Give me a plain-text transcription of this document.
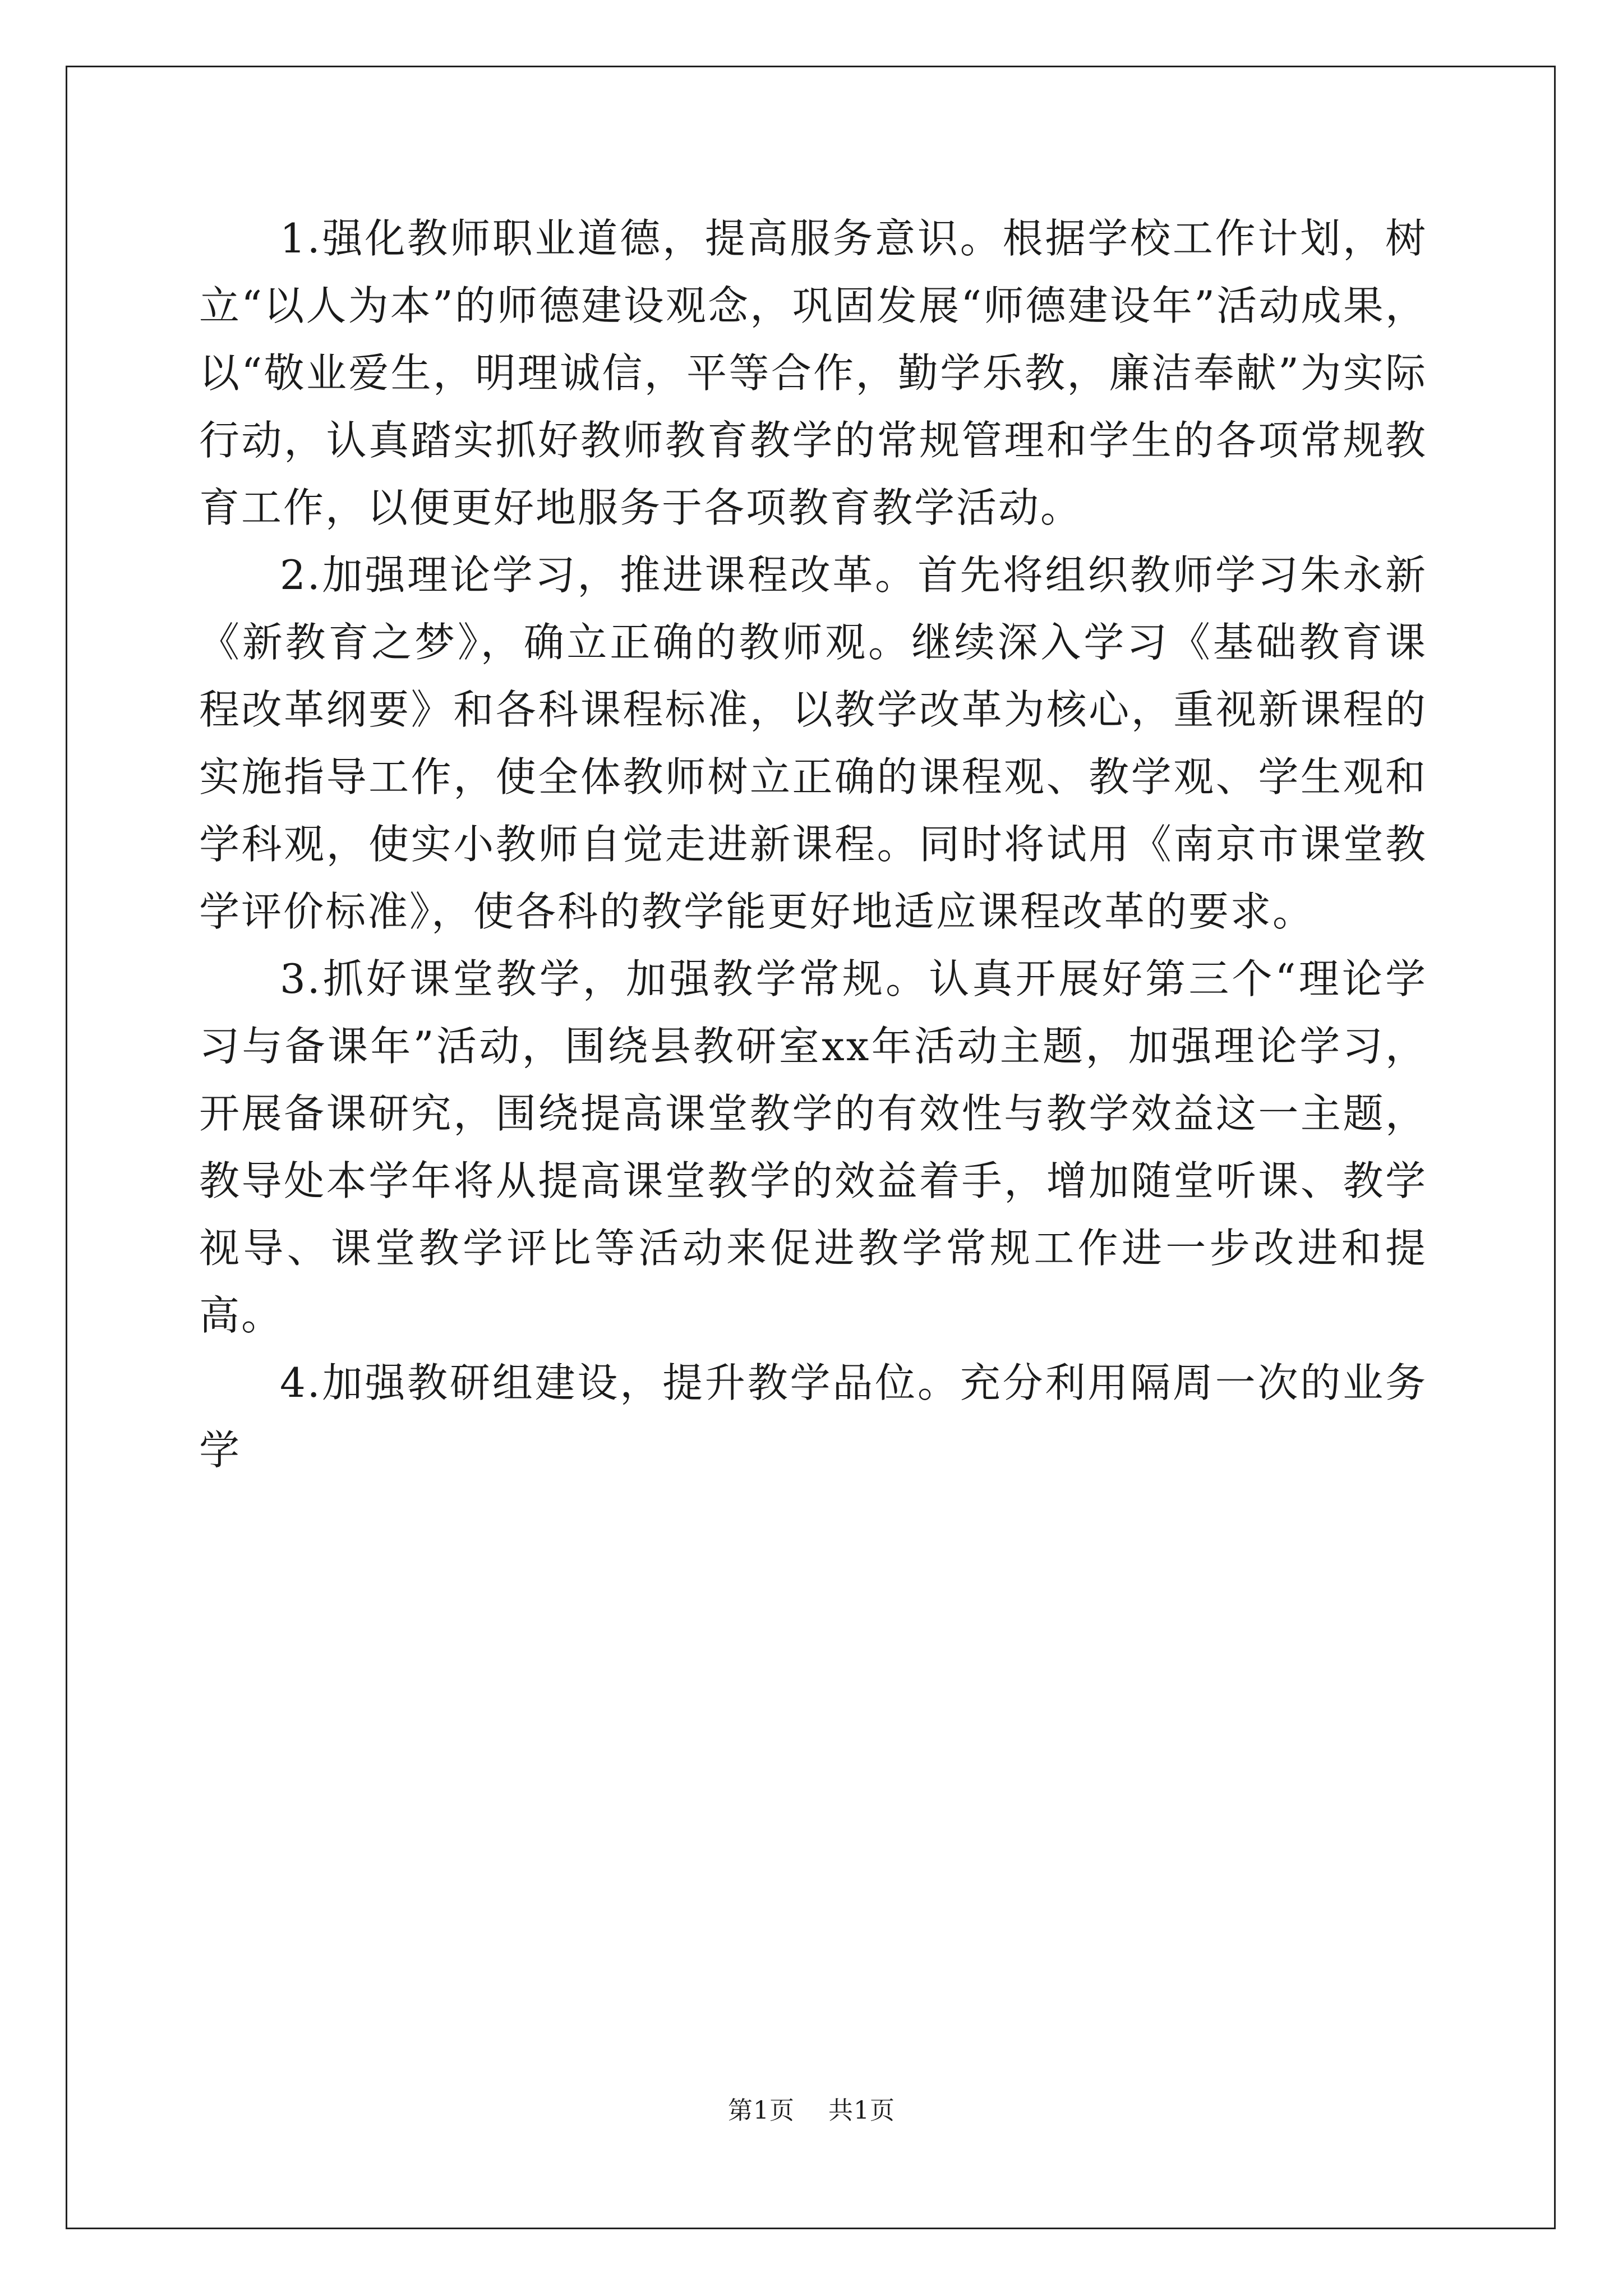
1.强化教师职业道德，提高服务意识。根据学校工作计划，树立“以人为本”的师德建设观念，巩固发展“师德建设年”活动成果，以“敬业爱生，明理诚信，平等合作，勤学乐教，廉洁奉献”为实际行动，认真踏实抓好教师教育教学的常规管理和学生的各项常规教育工作，以便更好地服务于各项教育教学活动。

2.加强理论学习，推进课程改革。首先将组织教师学习朱永新《新教育之梦》，确立正确的教师观。继续深入学习《基础教育课程改革纲要》和各科课程标准，以教学改革为核心，重视新课程的实施指导工作，使全体教师树立正确的课程观、教学观、学生观和学科观，使实小教师自觉走进新课程。同时将试用《南京市课堂教学评价标准》，使各科的教学能更好地适应课程改革的要求。

3.抓好课堂教学，加强教学常规。认真开展好第三个“理论学习与备课年”活动，围绕县教研室xx年活动主题，加强理论学习，开展备课研究，围绕提高课堂教学的有效性与教学效益这一主题，教导处本学年将从提高课堂教学的效益着手，增加随堂听课、教学视导、课堂教学评比等活动来促进教学常规工作进一步改进和提高。

4.加强教研组建设，提升教学品位。充分利用隔周一次的业务学

第1页 共1页
